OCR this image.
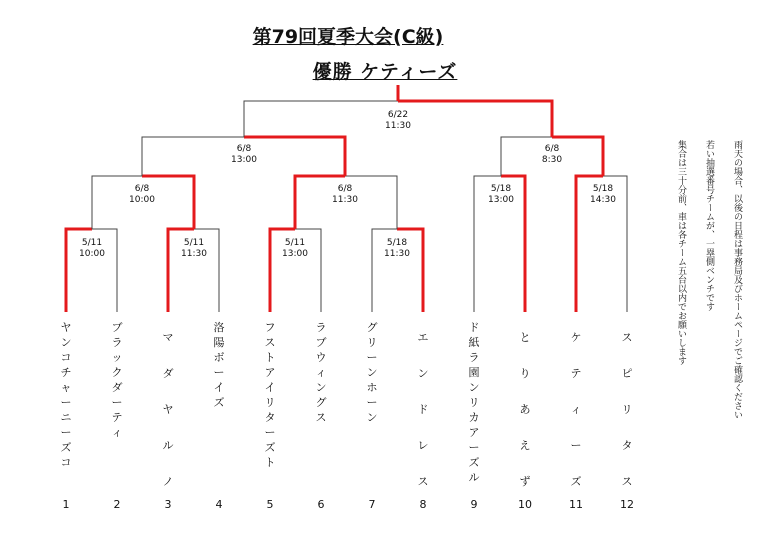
第79回夏季大会(C級)
優勝 ケティーズ
5/11
10:00
5/11
11:30
5/11
13:00
5/18
11:30
5/18
13:00
5/18
14:30
6/8
10:00
6/8
11:30
6/8
13:00
6/8
8:30
6/22
11:30
ヤ
ン
コ
チ
ャ
ー
ニ
ー
ズ
コ
1
ブ
ラ
ッ
ク
ダ
ー
テ
ィ
2
マ
ダ
ヤ
ル
ノ
3
洛
陽
ボ
ー
イ
ズ
4
フ
ス
ト
ア
イ
リ
タ
ー
ズ
ト
5
ラ
ブ
ウ
ィ
ン
グ
ス
6
グ
リ
ー
ン
ホ
ー
ン
7
エ
ン
ド
レ
ス
8
ド
紙
ラ
園
ン
リ
カ
ア
ー
ズ
ル
9
と
り
あ
え
ず
10
ケ
テ
ィ
ー
ズ
11
ス
ピ
リ
タ
ス
12
雨天の場合、以後の日程は事務局及びホームページでご確認ください
若い抽選番号チームが、一塁側ベンチです
集合は三十分前、車は各チーム五台以内でお願いします
